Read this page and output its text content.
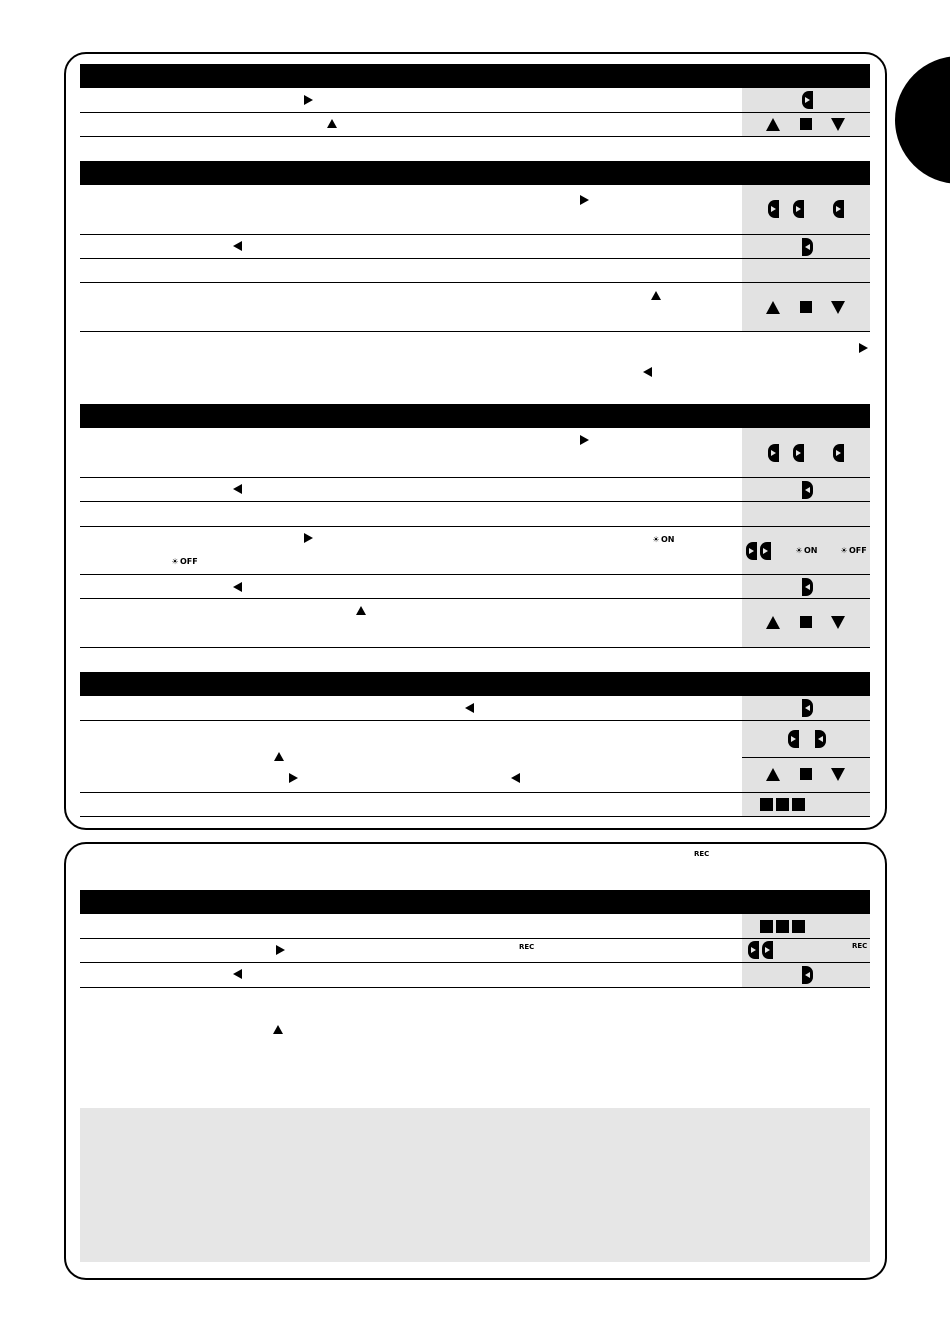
☀ON
☀OFF
☀ON	☀OFF
REC
REC	REC
